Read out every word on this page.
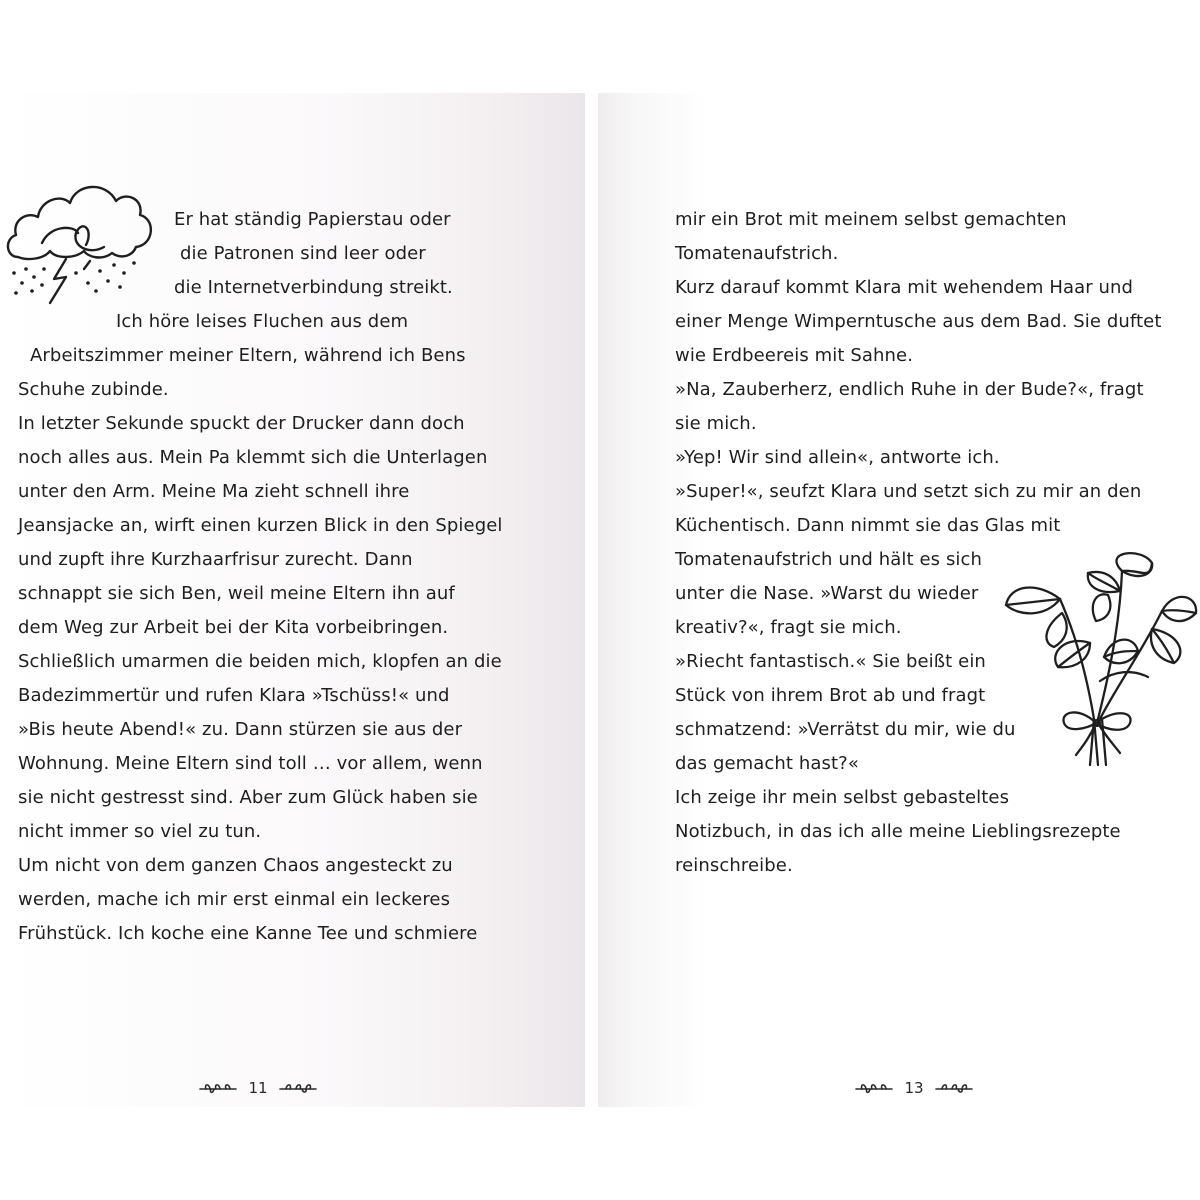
Er hat ständig Papierstau oder
die Patronen sind leer oder
die Internetverbindung streikt.
Ich höre leises Fluchen aus dem
Arbeitszimmer meiner Eltern, während ich Bens
Schuhe zubinde.
In letzter Sekunde spuckt der Drucker dann doch
noch alles aus. Mein Pa klemmt sich die Unterlagen
unter den Arm. Meine Ma zieht schnell ihre
Jeansjacke an, wirft einen kurzen Blick in den Spiegel
und zupft ihre Kurzhaarfrisur zurecht. Dann
schnappt sie sich Ben, weil meine Eltern ihn auf
dem Weg zur Arbeit bei der Kita vorbeibringen.
Schließlich umarmen die beiden mich, klopfen an die
Badezimmertür und rufen Klara »Tschüss!« und
»Bis heute Abend!« zu. Dann stürzen sie aus der
Wohnung. Meine Eltern sind toll … vor allem, wenn
sie nicht gestresst sind. Aber zum Glück haben sie
nicht immer so viel zu tun.
Um nicht von dem ganzen Chaos angesteckt zu
werden, mache ich mir erst einmal ein leckeres
Frühstück. Ich koche eine Kanne Tee und schmiere
11
mir ein Brot mit meinem selbst gemachten
Tomatenaufstrich.
Kurz darauf kommt Klara mit wehendem Haar und
einer Menge Wimperntusche aus dem Bad. Sie duftet
wie Erdbeereis mit Sahne.
»Na, Zauberherz, endlich Ruhe in der Bude?«, fragt
sie mich.
»Yep! Wir sind allein«, antworte ich.
»Super!«, seufzt Klara und setzt sich zu mir an den
Küchentisch. Dann nimmt sie das Glas mit
Tomatenaufstrich und hält es sich
unter die Nase. »Warst du wieder
kreativ?«, fragt sie mich.
»Riecht fantastisch.« Sie beißt ein
Stück von ihrem Brot ab und fragt
schmatzend: »Verrätst du mir, wie du
das gemacht hast?«
Ich zeige ihr mein selbst gebasteltes
Notizbuch, in das ich alle meine Lieblingsrezepte
reinschreibe.
13
